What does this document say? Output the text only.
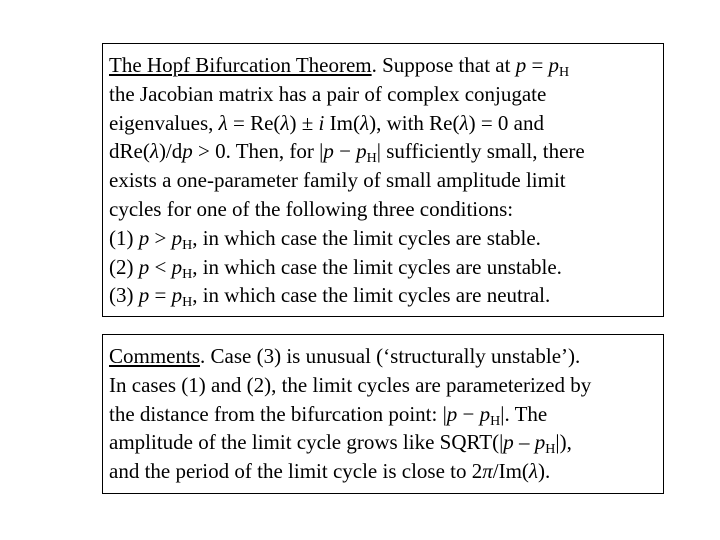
The Hopf Bifurcation Theorem. Suppose that at $p = p_H$
the Jacobian matrix has a pair of complex conjugate
eigenvalues, λ = Re(λ) ± i Im(λ), with Re(λ) = 0 and
dRe(λ)/dp > 0. Then, for $|p - p_H|$ sufficiently small, there
exists a one-parameter family of small amplitude limit
cycles for one of the following three conditions:
(1) $p > p_H$, in which case the limit cycles are stable.
(2) $p < p_H$, in which case the limit cycles are unstable.
(3) $p = p_H$, in which case the limit cycles are neutral.
Comments. Case (3) is unusual (‘structurally unstable’).
In cases (1) and (2), the limit cycles are parameterized by
the distance from the bifurcation point: $|p - p_H|$. The
amplitude of the limit cycle grows like SQRT(|p – $p_H|$),
and the period of the limit cycle is close to 2π/Im(λ).
